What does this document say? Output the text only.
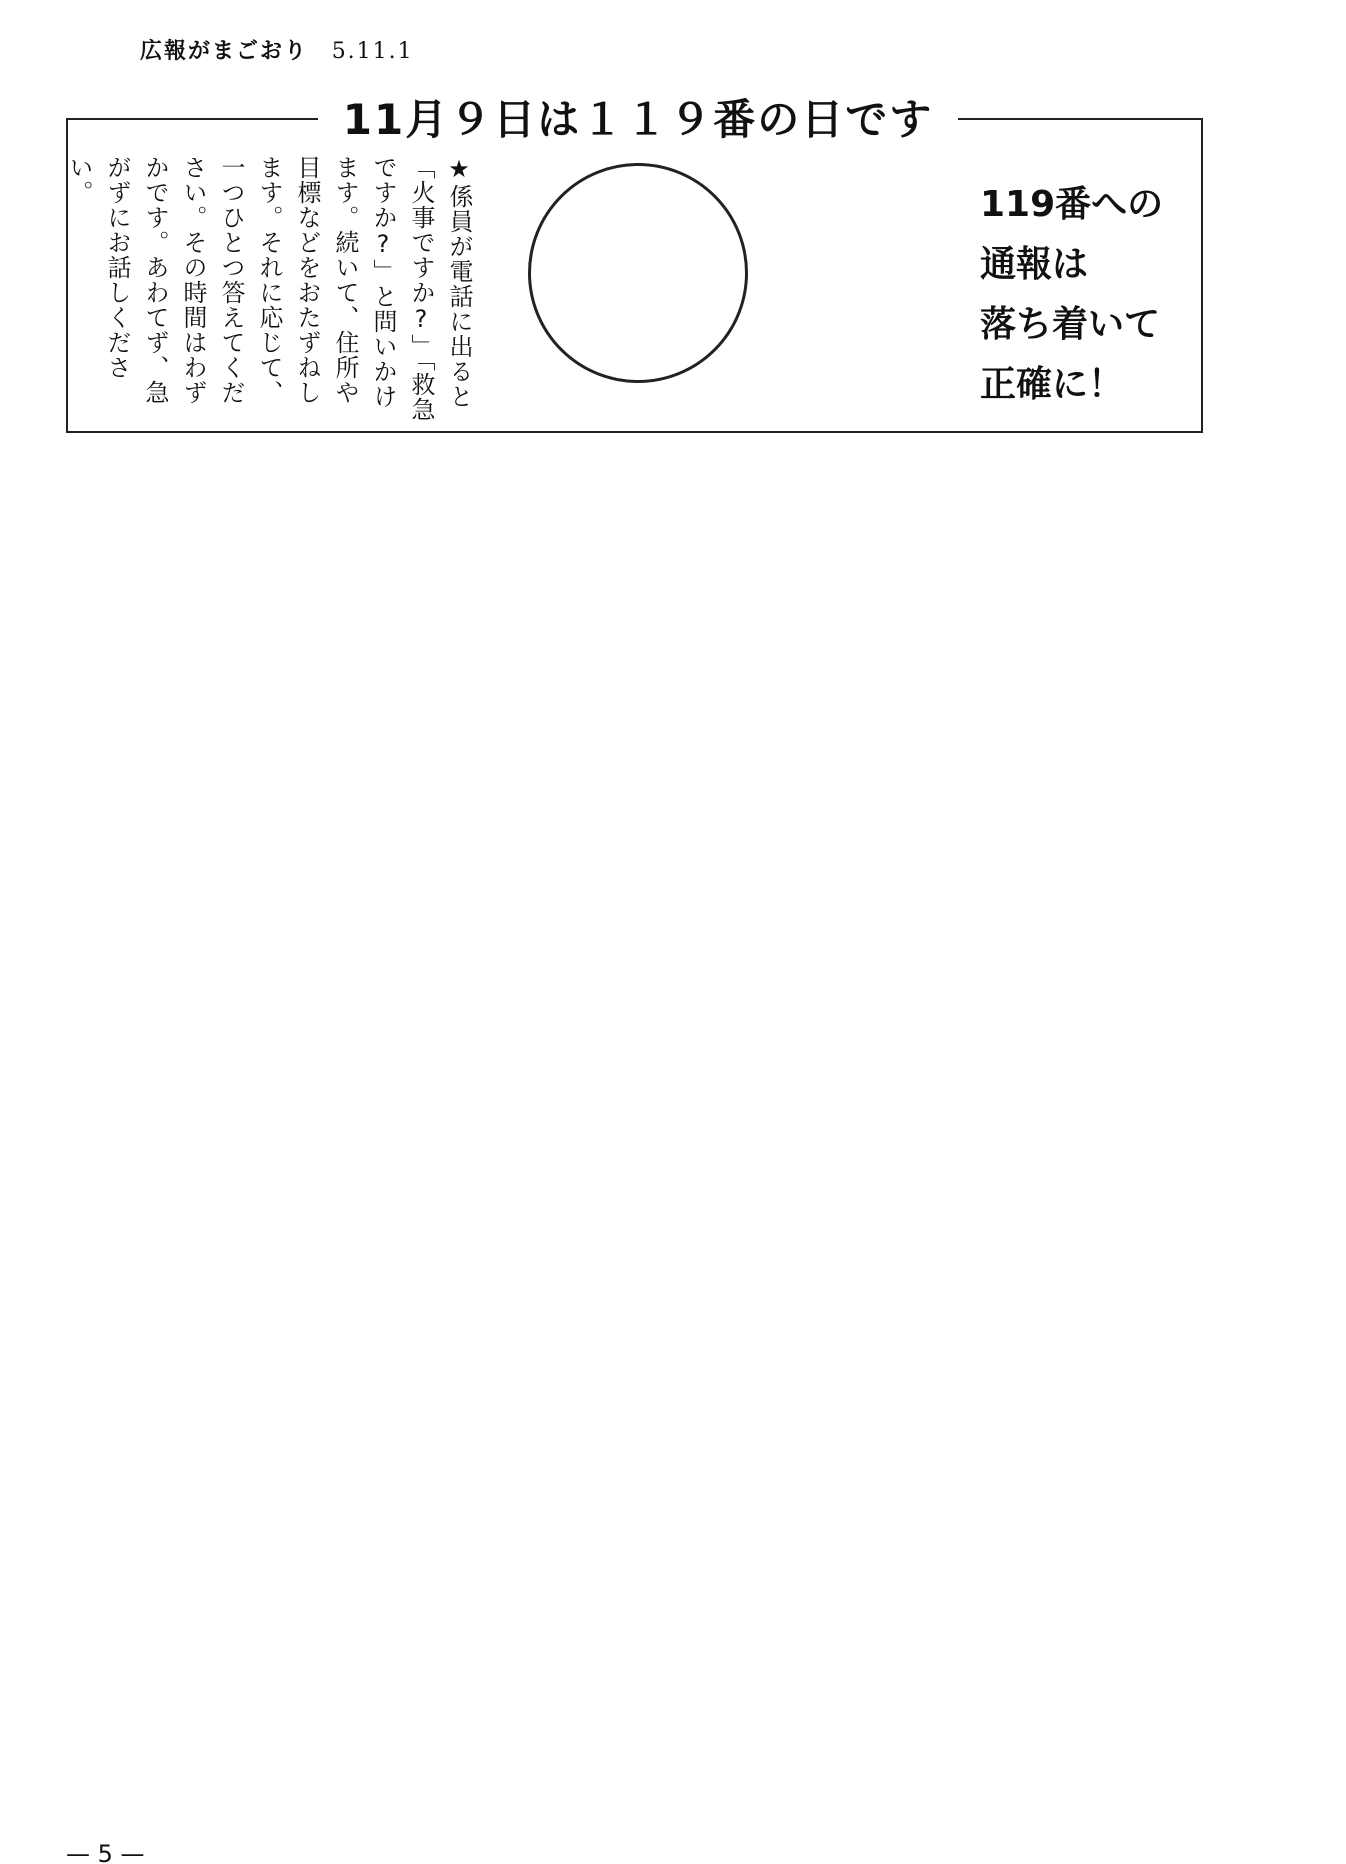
広報がまごおり 5.11.1
11月９日は１１９番の日です
★係員が電話に出ると「火事ですか?」「救急ですか?」と問いかけます。続いて、住所や目標などをおたずねします。それに応じて、一つひとつ答えてください。その時間はわずかです。あわてず、急がずにお話しください。	119番への
通報は
落ち着いて
正確に！
— 5 —
